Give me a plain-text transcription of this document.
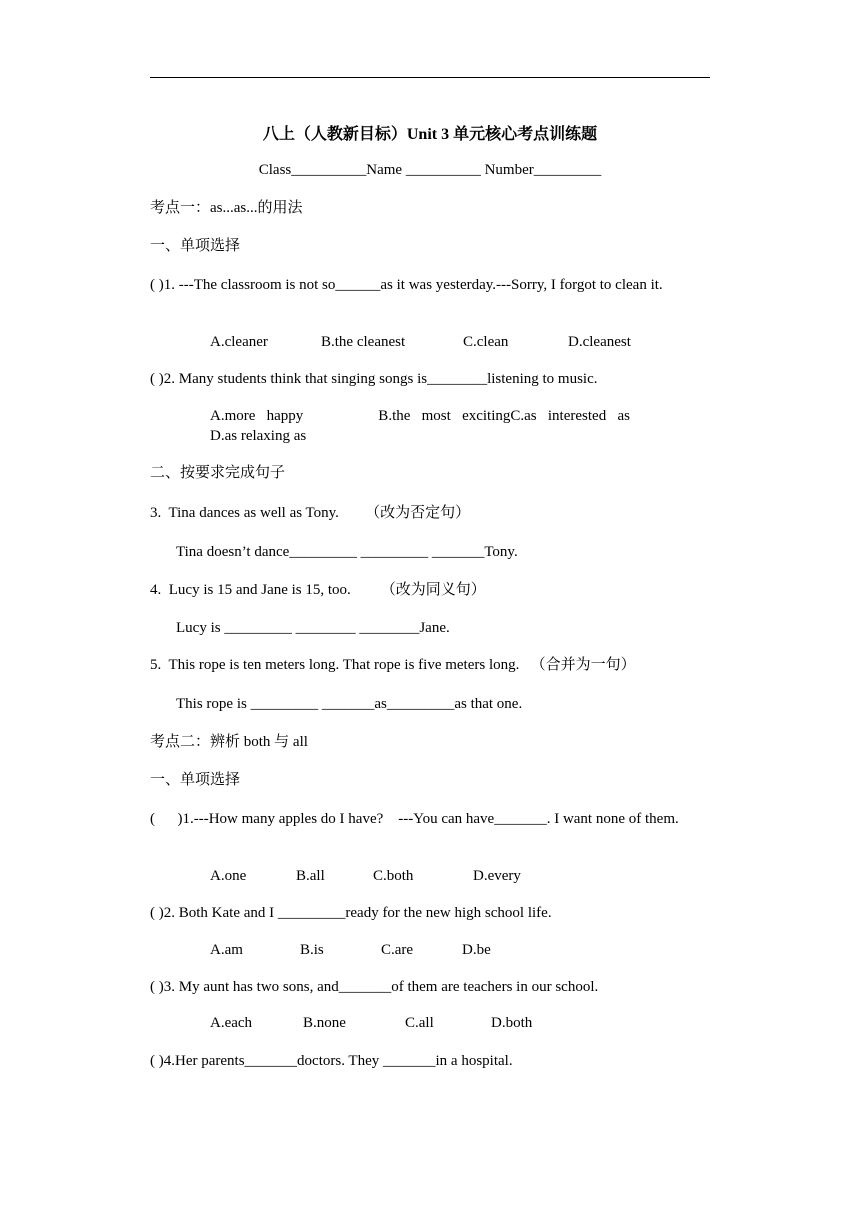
八上（人教新目标）Unit 3 单元核心考点训练题
Class__________Name __________ Number_________
考点一：as...as...的用法
一、单项选择
( )1. ---The classroom is not so______as it was yesterday.---Sorry, I forgot to clean it.
A.cleaner	B.the cleanest	C.clean	D.cleanest
( )2. Many students think that singing songs is________listening to music.
A.more   happy                    B.the   most   excitingC.as   interested   as
D.as relaxing as
二、按要求完成句子
3.  Tina dances as well as Tony.       （改为否定句）
Tina doesn’t dance_________ _________ _______Tony.
4.  Lucy is 15 and Jane is 15, too.        （改为同义句）
Lucy is _________ ________ ________Jane.
5.  This rope is ten meters long. That rope is five meters long.   （合并为一句）
This rope is _________ _______as_________as that one.
考点二：辨析 both 与 all
一、单项选择
(      )1.---How many apples do I have?    ---You can have_______. I want none of them.
A.one	B.all	C.both	D.every
( )2. Both Kate and I _________ready for the new high school life.
A.am	B.is	C.are	D.be
( )3. My aunt has two sons, and_______of them are teachers in our school.
A.each	B.none	C.all	D.both
( )4.Her parents_______doctors. They _______in a hospital.
